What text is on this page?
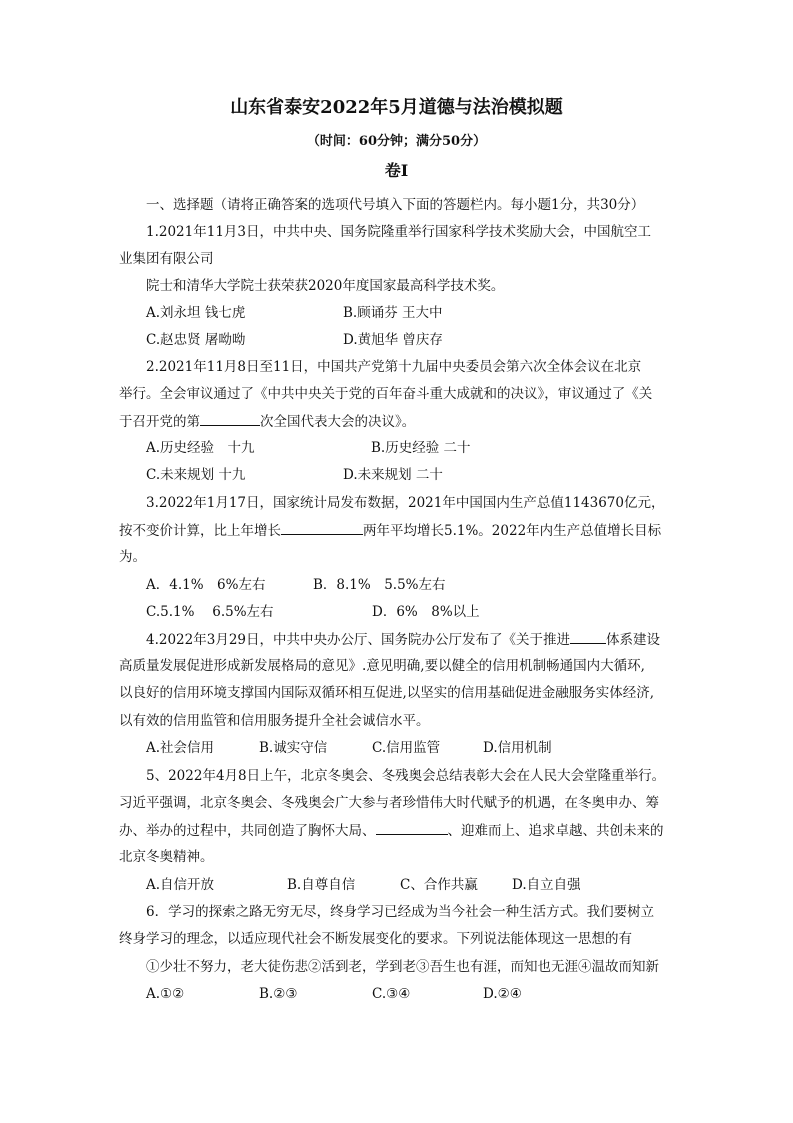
山东省泰安2022年5月道德与法治模拟题
（时间：60分钟；满分50分）
卷Ⅰ
一、选择题（请将正确答案的选项代号填入下面的答题栏内。每小题1分，共30分）
1.2021年11月3日，中共中央、国务院隆重举行国家科学技术奖励大会，中国航空工
业集团有限公司
院士和清华大学院士获荣获2020年度国家最高科学技术奖。
A.刘永坦 钱七虎	B.顾诵芬 王大中
C.赵忠贤 屠呦呦	D.黄旭华 曾庆存
2.2021年11月8日至11日，中国共产党第十九届中央委员会第六次全体会议在北京
举行。全会审议通过了《中共中央关于党的百年奋斗重大成就和的决议》，审议通过了《关
于召开党的第	次全国代表大会的决议》。
A.历史经验　十九	B.历史经验 二十
C.未来规划 十九	D.未来规划 二十
3.2022年1月17日，国家统计局发布数据，2021年中国国内生产总值1143670亿元，
按不变价计算，比上年增长	两年平均增长5.1%。2022年内生产总值增长目标
为。
A．4.1%　6%左右	B．8.1%　5.5%左右
C.5.1%　 6.5%左右	D．6%　8%以上
4.2022年3月29日，中共中央办公厅、国务院办公厅发布了《关于推进	体系建设
高质量发展促进形成新发展格局的意见》.意见明确,要以健全的信用机制畅通国内大循环,
以良好的信用环境支撑国内国际双循环相互促进,以坚实的信用基础促进金融服务实体经济,
以有效的信用监管和信用服务提升全社会诚信水平。
A.社会信用	B.诚实守信	C.信用监管	D.信用机制
5、2022年4月8日上午，北京冬奥会、冬残奥会总结表彰大会在人民大会堂隆重举行。
习近平强调，北京冬奥会、冬残奥会广大参与者珍惜伟大时代赋予的机遇，在冬奥申办、筹
办、举办的过程中，共同创造了胸怀大局、	、迎难而上、追求卓越、共创未来的
北京冬奥精神。
A.自信开放	B.自尊自信	C、合作共赢	D.自立自强
6．学习的探索之路无穷无尽，终身学习已经成为当今社会一种生活方式。我们要树立
终身学习的理念，以适应现代社会不断发展变化的要求。下列说法能体现这一思想的有
①少壮不努力，老大徒伤悲②活到老，学到老③吾生也有涯，而知也无涯④温故而知新
A.①②	B.②③	C.③④	D.②④
